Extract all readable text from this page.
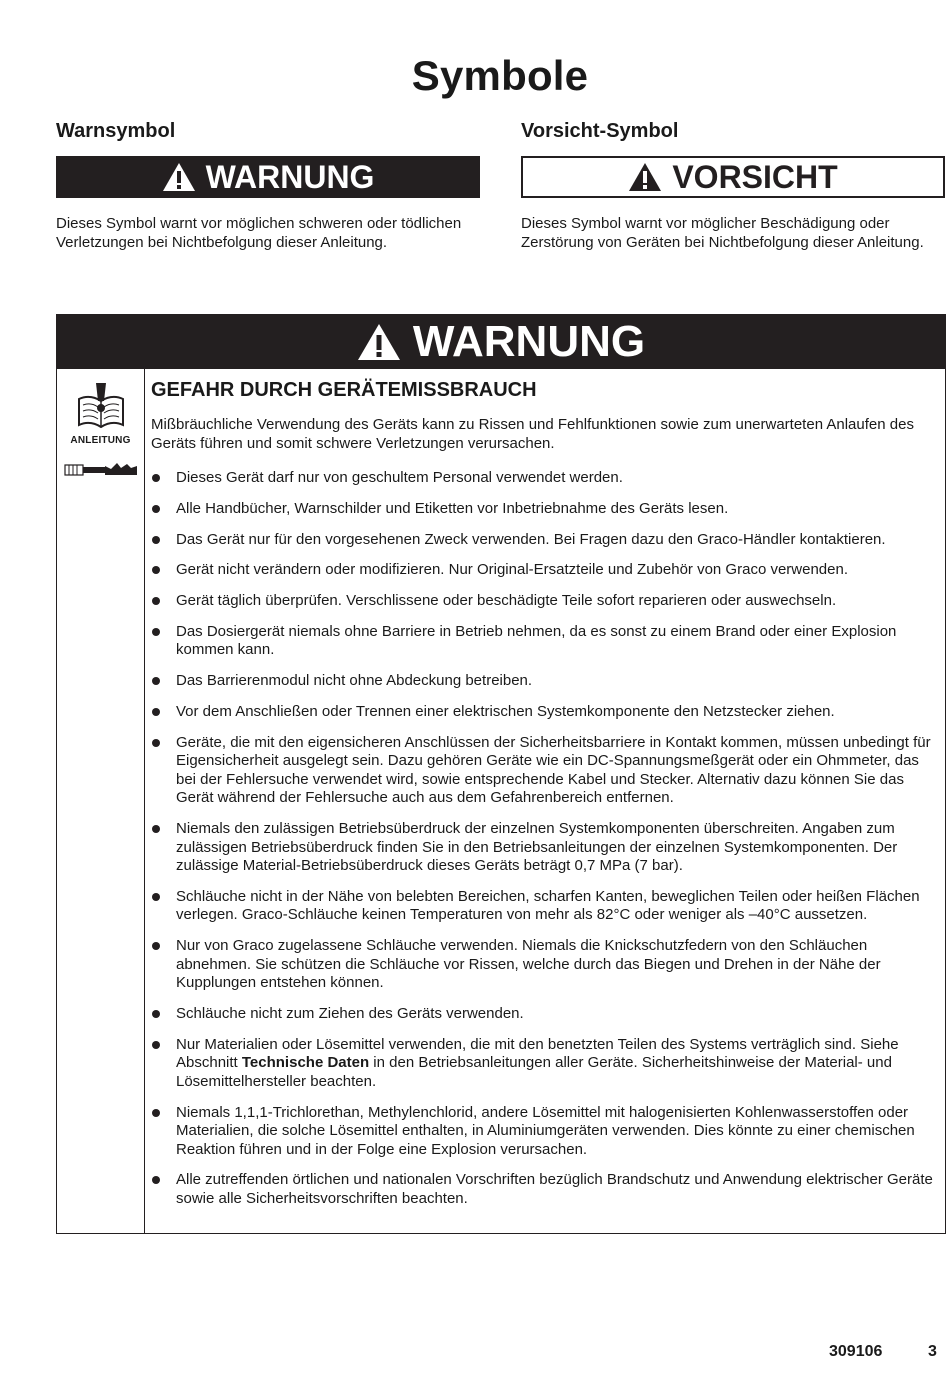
Symbole
Warnsymbol
WARNUNG

Dieses Symbol warnt vor möglichen schweren oder tödlichen Verletzungen bei Nichtbefolgung dieser Anleitung.

Vorsicht-Symbol
VORSICHT

Dieses Symbol warnt vor möglicher Beschädigung oder Zerstörung von Geräten bei Nichtbefolgung dieser Anleitung.

WARNUNG
ANLEITUNG
GEFAHR DURCH GERÄTEMISSBRAUCH

Mißbräuchliche Verwendung des Geräts kann zu Rissen und Fehlfunktionen sowie zum unerwarteten Anlaufen des Geräts führen und somit schwere Verletzungen verursachen.

Dieses Gerät darf nur von geschultem Personal verwendet werden.
Alle Handbücher, Warnschilder und Etiketten vor Inbetriebnahme des Geräts lesen.
Das Gerät nur für den vorgesehenen Zweck verwenden. Bei Fragen dazu den Graco-Händler kontaktieren.
Gerät nicht verändern oder modifizieren. Nur Original-Ersatzteile und Zubehör von Graco verwenden.
Gerät täglich überprüfen. Verschlissene oder beschädigte Teile sofort reparieren oder auswechseln.
Das Dosiergerät niemals ohne Barriere in Betrieb nehmen, da es sonst zu einem Brand oder einer Explosion kommen kann.
Das Barrierenmodul nicht ohne Abdeckung betreiben.
Vor dem Anschließen oder Trennen einer elektrischen Systemkomponente den Netzstecker ziehen.
Geräte, die mit den eigensicheren Anschlüssen der Sicherheitsbarriere in Kontakt kommen, müssen unbedingt für Eigensicherheit ausgelegt sein. Dazu gehören Geräte wie ein DC-Spannungsmeßgerät oder ein Ohmmeter, das bei der Fehlersuche verwendet wird, sowie entsprechende Kabel und Stecker. Alternativ dazu können Sie das Gerät während der Fehlersuche auch aus dem Gefahrenbereich entfernen.
Niemals den zulässigen Betriebsüberdruck der einzelnen Systemkomponenten überschreiten. Angaben zum zulässigen Betriebsüberdruck finden Sie in den Betriebsanleitungen der einzelnen Systemkomponenten. Der zulässige Material-Betriebsüberdruck dieses Geräts beträgt 0,7 MPa (7 bar).
Schläuche nicht in der Nähe von belebten Bereichen, scharfen Kanten, beweglichen Teilen oder heißen Flächen verlegen. Graco-Schläuche keinen Temperaturen von mehr als 82°C oder weniger als –40°C aussetzen.
Nur von Graco zugelassene Schläuche verwenden. Niemals die Knickschutzfedern von den Schläuchen abnehmen. Sie schützen die Schläuche vor Rissen, welche durch das Biegen und Drehen in der Nähe der Kupplungen entstehen können.
Schläuche nicht zum Ziehen des Geräts verwenden.
Nur Materialien oder Lösemittel verwenden, die mit den benetzten Teilen des Systems verträglich sind. Siehe Abschnitt Technische Daten in den Betriebsanleitungen aller Geräte. Sicherheitshinweise der Material- und Lösemittelhersteller beachten.
Niemals 1,1,1-Trichlorethan, Methylenchlorid, andere Lösemittel mit halogenisierten Kohlenwasserstoffen oder Materialien, die solche Lösemittel enthalten, in Aluminiumgeräten verwenden. Dies könnte zu einer chemischen Reaktion führen und in der Folge eine Explosion verursachen.
Alle zutreffenden örtlichen und nationalen Vorschriften bezüglich Brandschutz und Anwendung elektrischer Geräte sowie alle Sicherheitsvorschriften beachten.
309106	3
